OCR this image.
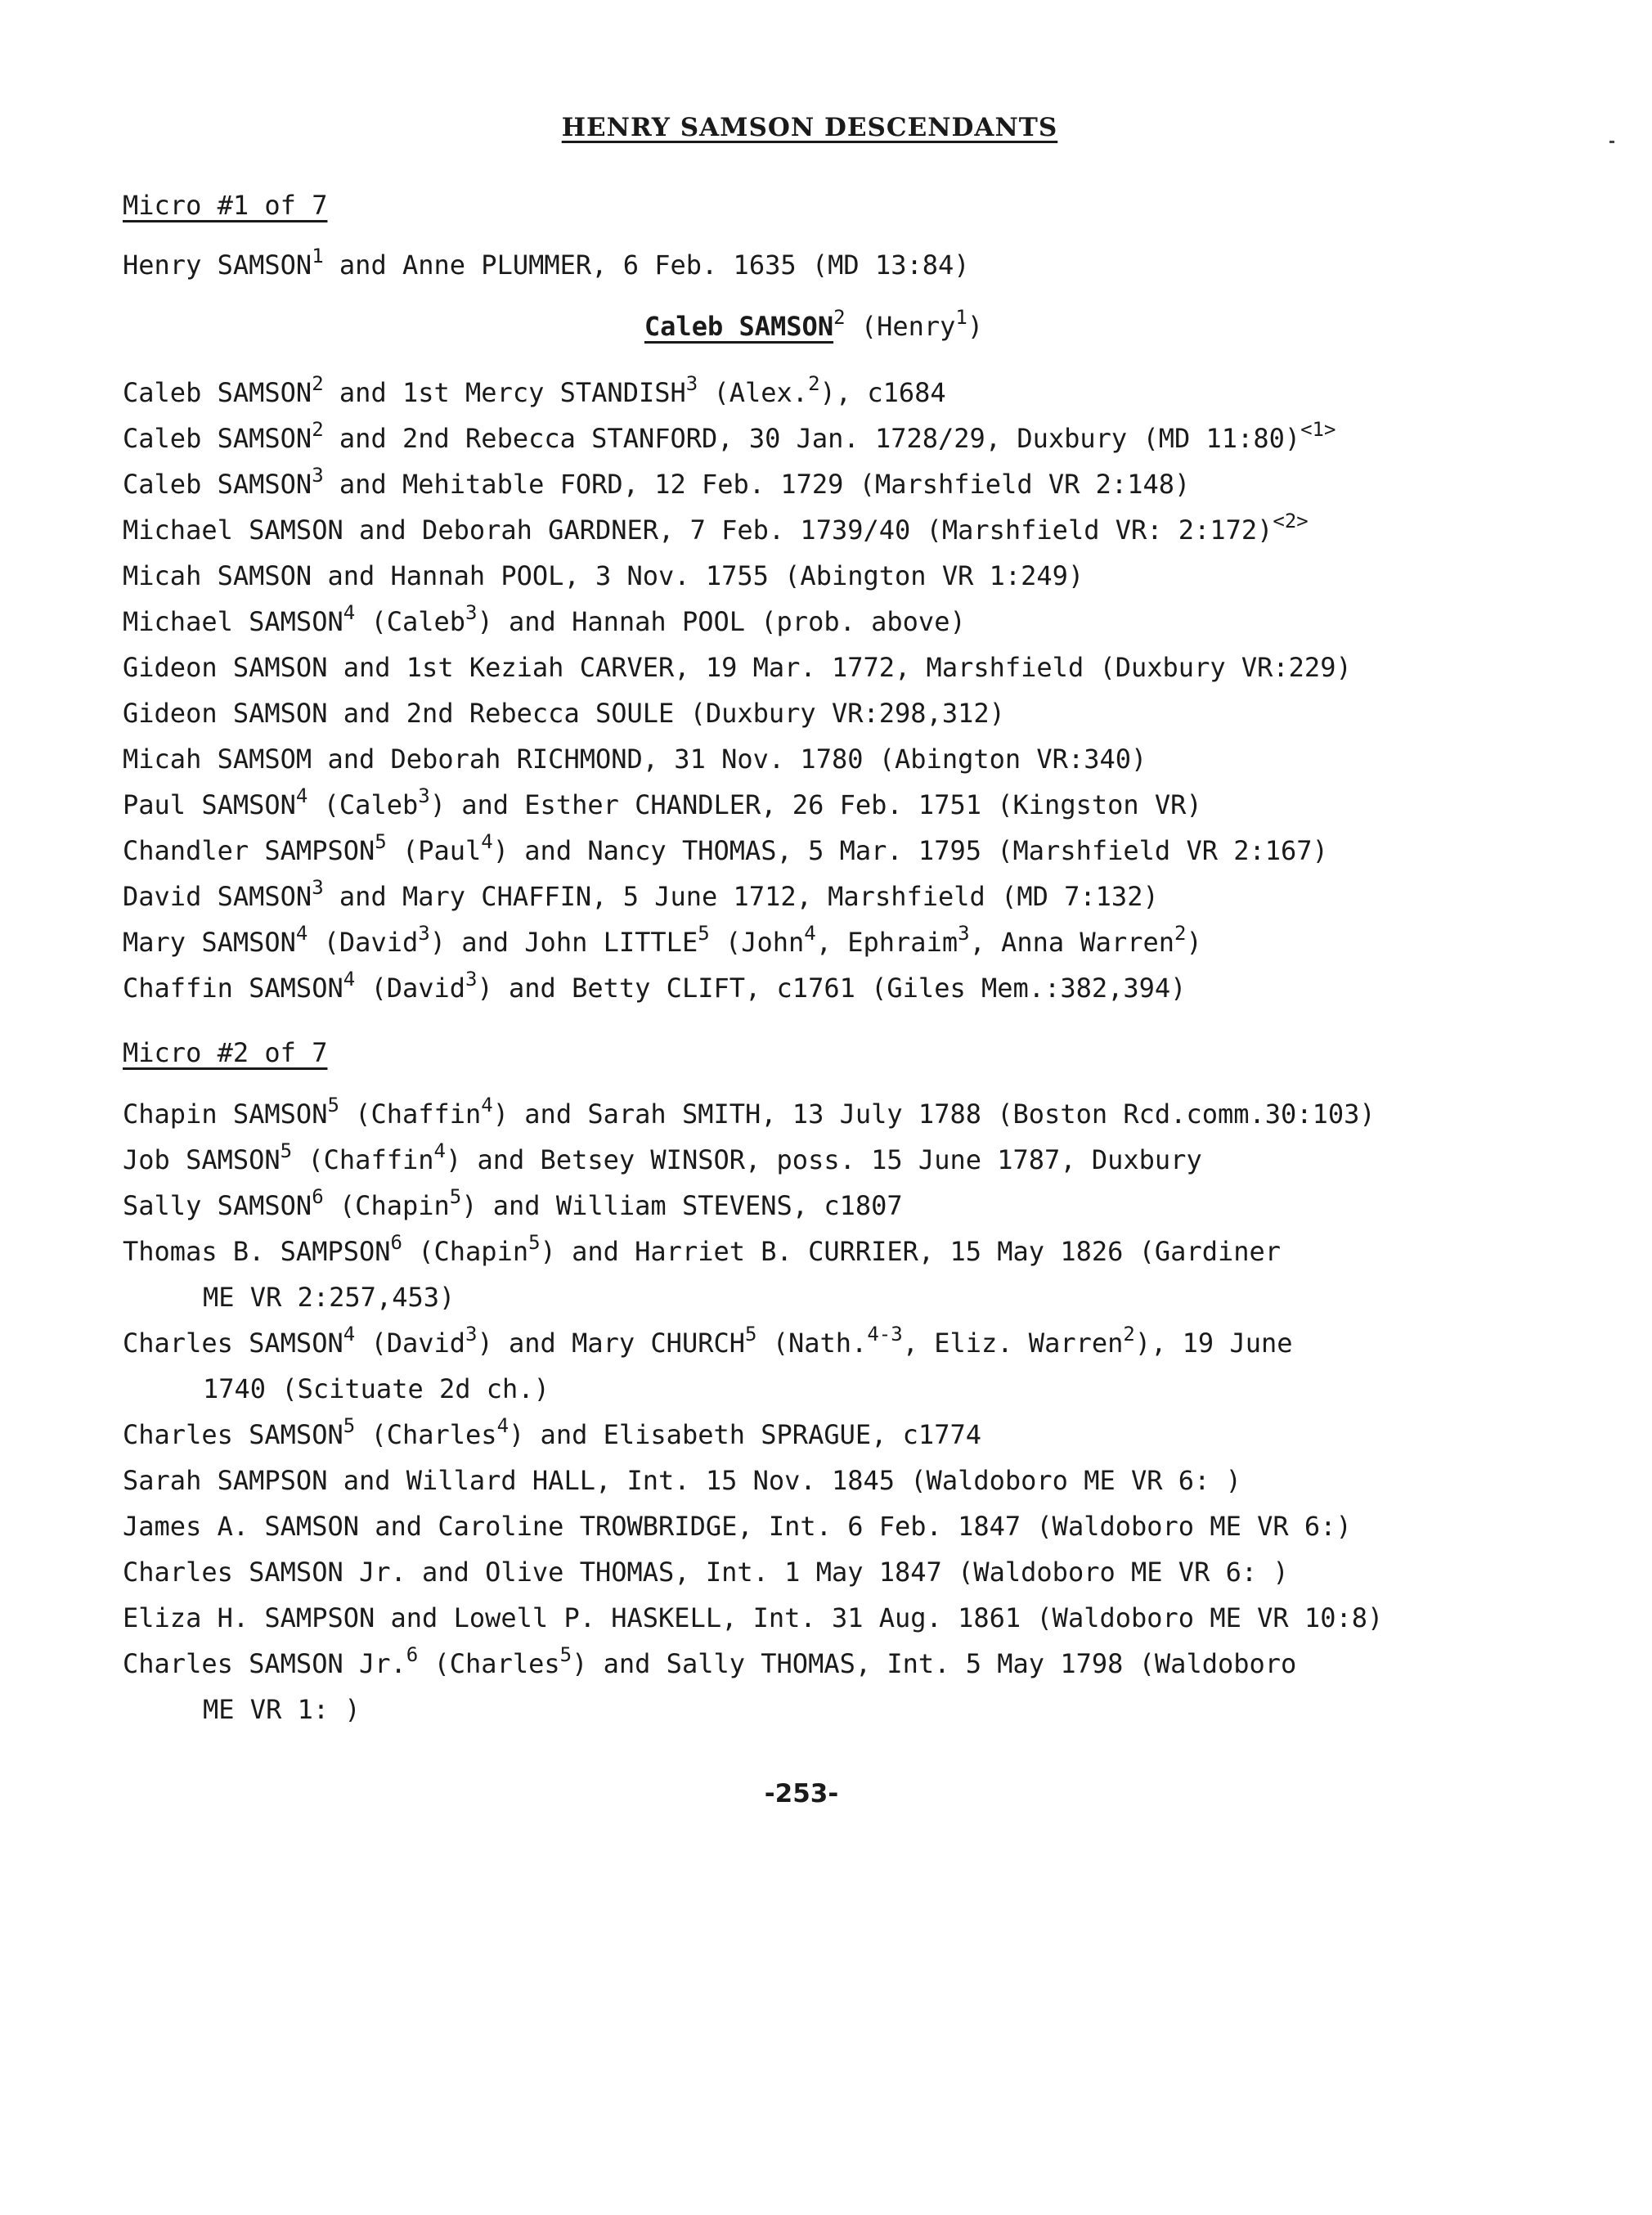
HENRY SAMSON DESCENDANTS
Micro #1 of 7
Henry SAMSON$^1$ and Anne PLUMMER, 6 Feb. 1635 (MD 13:84)
Caleb SAMSON$^2$ (Henry$^1$)
Caleb SAMSON$^2$ and 1st Mercy STANDISH$^3$ (Alex.$^2$), c1684
Caleb SAMSON$^2$ and 2nd Rebecca STANFORD, 30 Jan. 1728/29, Duxbury (MD 11:80)$^{<1>}$
Caleb SAMSON$^3$ and Mehitable FORD, 12 Feb. 1729 (Marshfield VR 2:148)
Michael SAMSON and Deborah GARDNER, 7 Feb. 1739/40 (Marshfield VR: 2:172)$^{<2>}$
Micah SAMSON and Hannah POOL, 3 Nov. 1755 (Abington VR 1:249)
Michael SAMSON$^4$ (Caleb$^3$) and Hannah POOL (prob. above)
Gideon SAMSON and 1st Keziah CARVER, 19 Mar. 1772, Marshfield (Duxbury VR:229)
Gideon SAMSON and 2nd Rebecca SOULE (Duxbury VR:298,312)
Micah SAMSOM and Deborah RICHMOND, 31 Nov. 1780 (Abington VR:340)
Paul SAMSON$^4$ (Caleb$^3$) and Esther CHANDLER, 26 Feb. 1751 (Kingston VR)
Chandler SAMPSON$^5$ (Paul$^4$) and Nancy THOMAS, 5 Mar. 1795 (Marshfield VR 2:167)
David SAMSON$^3$ and Mary CHAFFIN, 5 June 1712, Marshfield (MD 7:132)
Mary SAMSON$^4$ (David$^3$) and John LITTLE$^5$ (John$^4$, Ephraim$^3$, Anna Warren$^2$)
Chaffin SAMSON$^4$ (David$^3$) and Betty CLIFT, c1761 (Giles Mem.:382,394)
Micro #2 of 7
Chapin SAMSON$^5$ (Chaffin$^4$) and Sarah SMITH, 13 July 1788 (Boston Rcd.comm.30:103)
Job SAMSON$^5$ (Chaffin$^4$) and Betsey WINSOR, poss. 15 June 1787, Duxbury
Sally SAMSON$^6$ (Chapin$^5$) and William STEVENS, c1807
Thomas B. SAMPSON$^6$ (Chapin$^5$) and Harriet B. CURRIER, 15 May 1826 (Gardiner
ME VR 2:257,453)
Charles SAMSON$^4$ (David$^3$) and Mary CHURCH$^5$ (Nath.$^{4-3}$, Eliz. Warren$^2$), 19 June
1740 (Scituate 2d ch.)
Charles SAMSON$^5$ (Charles$^4$) and Elisabeth SPRAGUE, c1774
Sarah SAMPSON and Willard HALL, Int. 15 Nov. 1845 (Waldoboro ME VR 6: )
James A. SAMSON and Caroline TROWBRIDGE, Int. 6 Feb. 1847 (Waldoboro ME VR 6:)
Charles SAMSON Jr. and Olive THOMAS, Int. 1 May 1847 (Waldoboro ME VR 6: )
Eliza H. SAMPSON and Lowell P. HASKELL, Int. 31 Aug. 1861 (Waldoboro ME VR 10:8)
Charles SAMSON Jr.$^6$ (Charles$^5$) and Sally THOMAS, Int. 5 May 1798 (Waldoboro
ME VR 1: )
-253-
